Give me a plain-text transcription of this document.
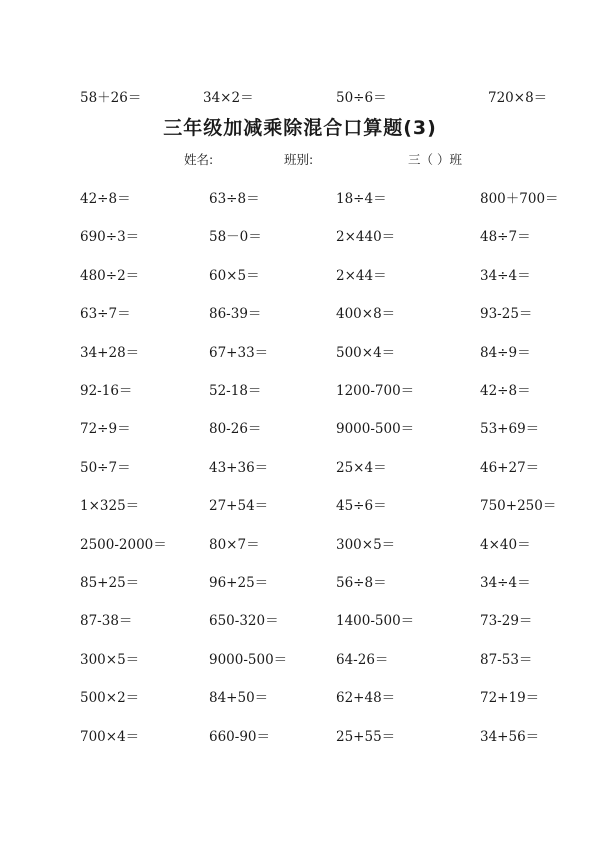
58＋26＝	34×2＝	50÷6＝	720×8＝
三年级加减乘除混合口算题(3)
姓名:	班别:	三（ ）班
42÷8＝	63÷8＝	18÷4＝	800＋700＝
690÷3＝	58－0＝	2×440＝	48÷7＝
480÷2＝	60×5＝	2×44＝	34÷4＝
63÷7＝	86-39＝	400×8＝	93-25＝
34+28＝	67+33＝	500×4＝	84÷9＝
92-16＝	52-18＝	1200-700＝	42÷8＝
72÷9＝	80-26＝	9000-500＝	53+69＝
50÷7＝	43+36＝	25×4＝	46+27＝
1×325＝	27+54＝	45÷6＝	750+250＝
2500-2000＝	80×7＝	300×5＝	4×40＝
85+25＝	96+25＝	56÷8＝	34÷4＝
87-38＝	650-320＝	1400-500＝	73-29＝
300×5＝	9000-500＝	64-26＝	87-53＝
500×2＝	84+50＝	62+48＝	72+19＝
700×4＝	660-90＝	25+55＝	34+56＝
